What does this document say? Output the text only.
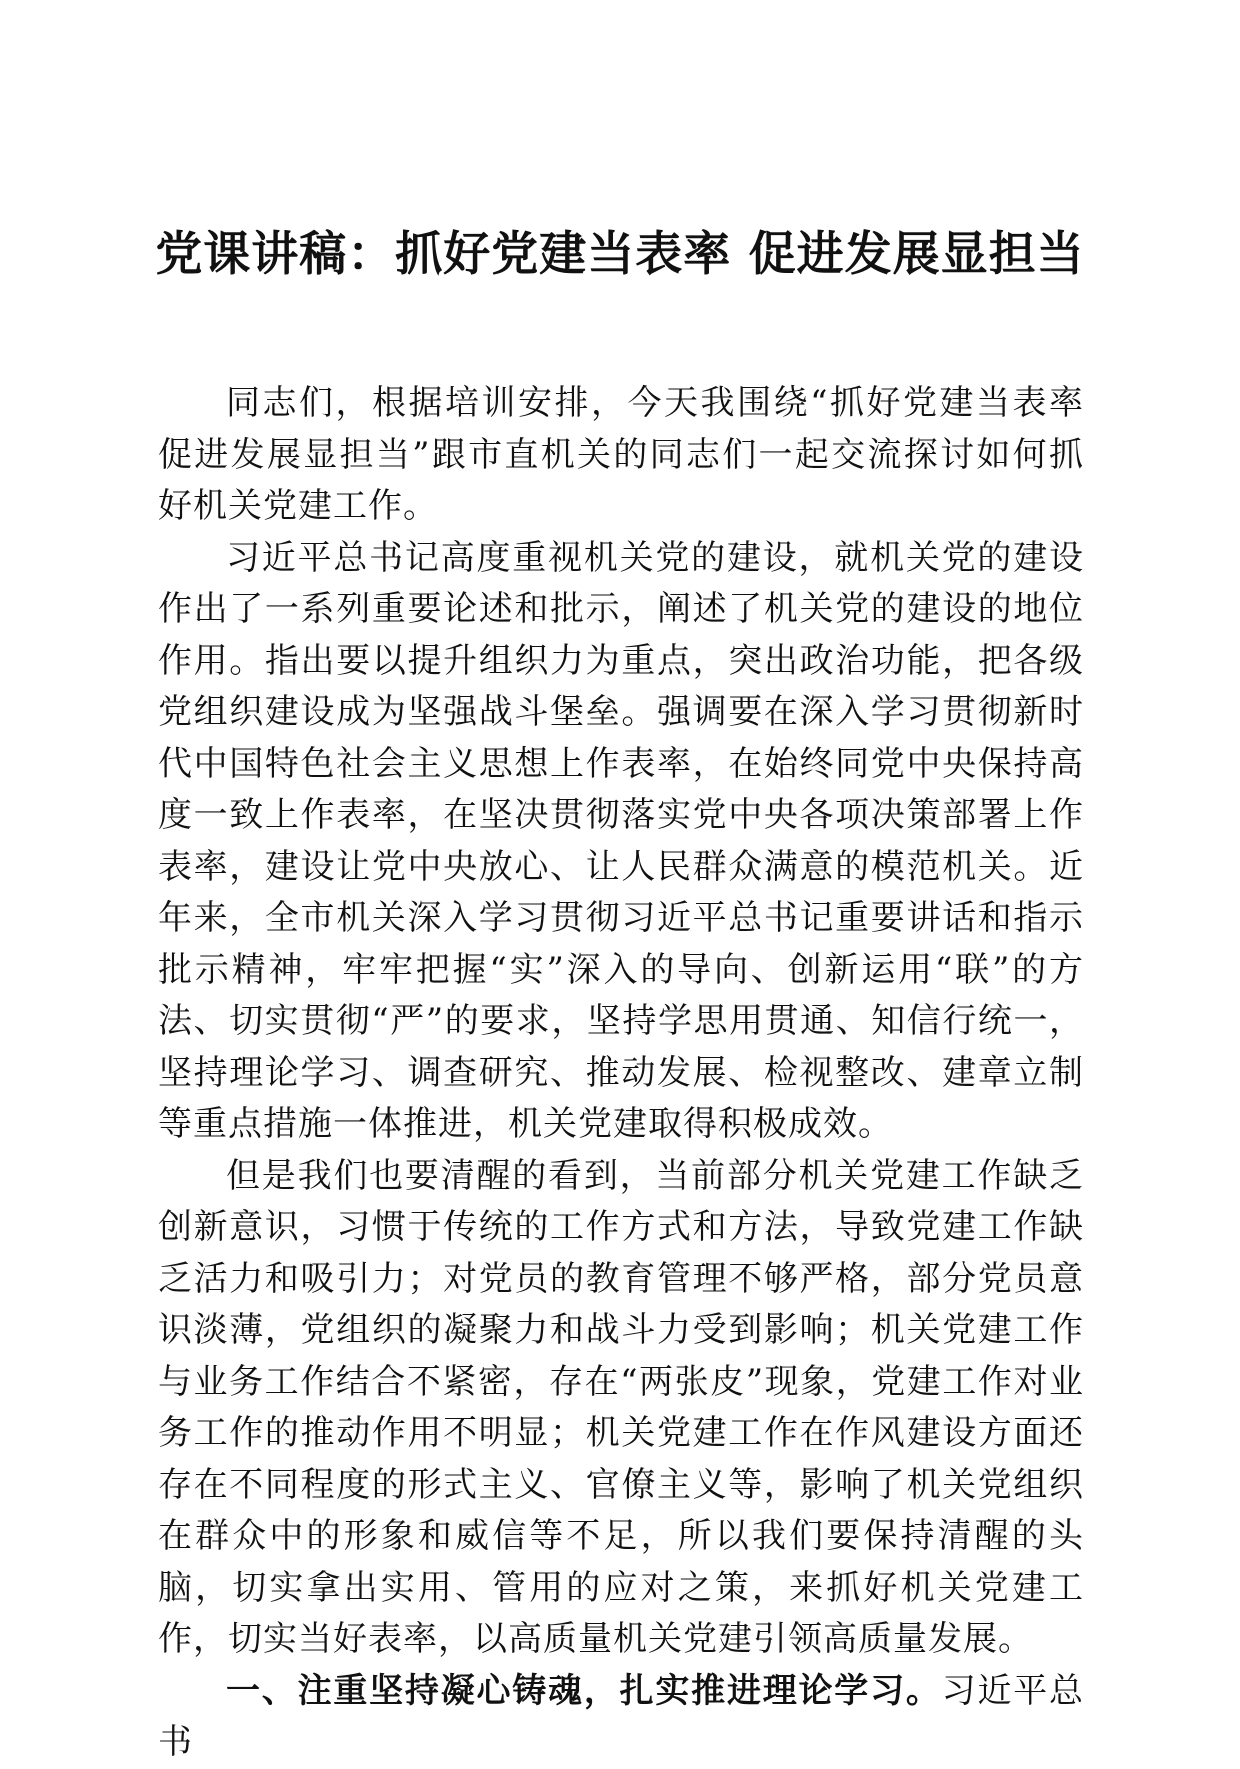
党课讲稿：抓好党建当表率 促进发展显担当

同志们，根据培训安排，今天我围绕“抓好党建当表率促进发展显担当”跟市直机关的同志们一起交流探讨如何抓好机关党建工作。

习近平总书记高度重视机关党的建设，就机关党的建设作出了一系列重要论述和批示，阐述了机关党的建设的地位作用。指出要以提升组织力为重点，突出政治功能，把各级党组织建设成为坚强战斗堡垒。强调要在深入学习贯彻新时代中国特色社会主义思想上作表率，在始终同党中央保持高度一致上作表率，在坚决贯彻落实党中央各项决策部署上作表率，建设让党中央放心、让人民群众满意的模范机关。近年来，全市机关深入学习贯彻习近平总书记重要讲话和指示批示精神，牢牢把握“实”深入的导向、创新运用“联”的方法、切实贯彻“严”的要求，坚持学思用贯通、知信行统一，坚持理论学习、调查研究、推动发展、检视整改、建章立制等重点措施一体推进，机关党建取得积极成效。

但是我们也要清醒的看到，当前部分机关党建工作缺乏创新意识，习惯于传统的工作方式和方法，导致党建工作缺乏活力和吸引力；对党员的教育管理不够严格，部分党员意识淡薄，党组织的凝聚力和战斗力受到影响；机关党建工作与业务工作结合不紧密，存在“两张皮”现象，党建工作对业务工作的推动作用不明显；机关党建工作在作风建设方面还存在不同程度的形式主义、官僚主义等，影响了机关党组织在群众中的形象和威信等不足，所以我们要保持清醒的头脑，切实拿出实用、管用的应对之策，来抓好机关党建工作，切实当好表率，以高质量机关党建引领高质量发展。

一、注重坚持凝心铸魂，扎实推进理论学习。习近平总书
